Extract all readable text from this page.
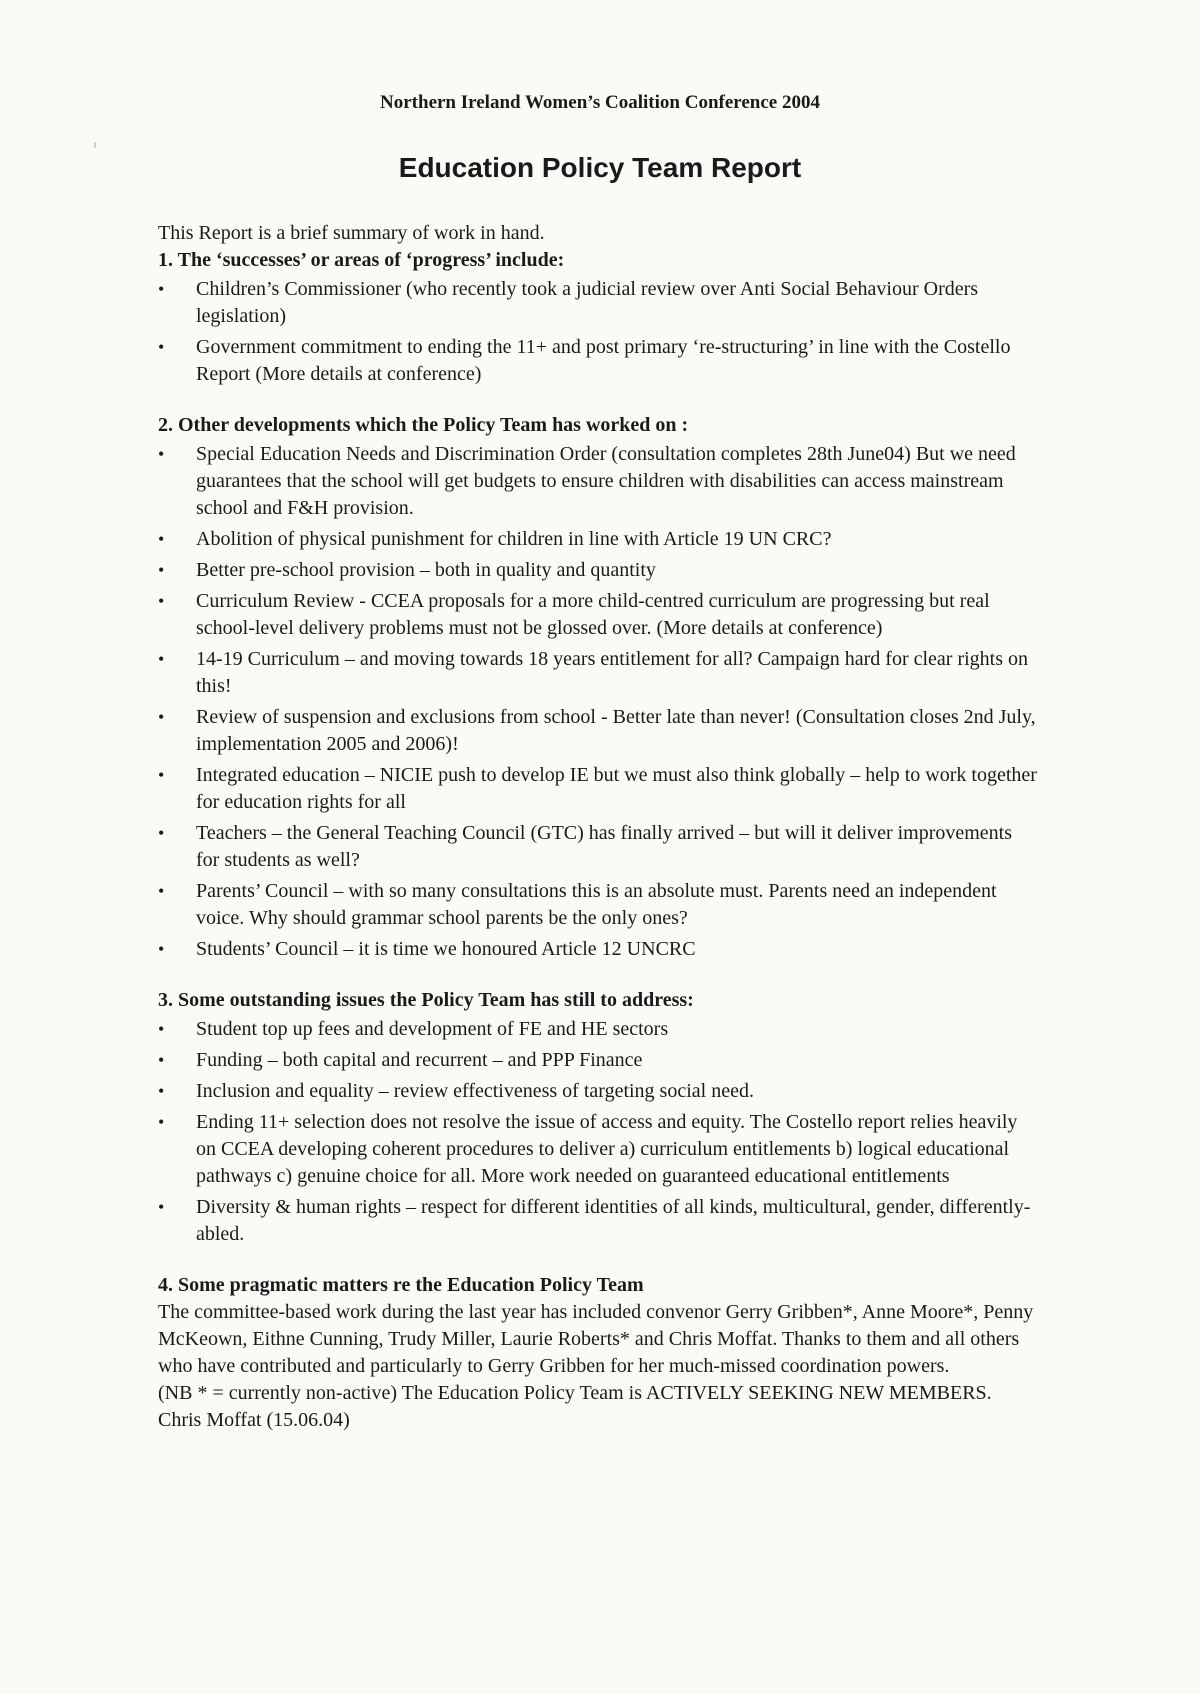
Northern Ireland Women’s Coalition Conference 2004
Education Policy Team Report

This Report is a brief summary of work in hand.

1. The ‘successes’ or areas of ‘progress’ include:

• Children’s Commissioner (who recently took a judicial review over Anti Social Behaviour Orders legislation)
• Government commitment to ending the 11+ and post primary ‘re-structuring’ in line with the Costello Report (More details at conference)

2. Other developments which the Policy Team has worked on :

• Special Education Needs and Discrimination Order (consultation completes 28th June04) But we need guarantees that the school will get budgets to ensure children with disabilities can access mainstream school and F&H provision.
• Abolition of physical punishment for children in line with Article 19 UN CRC?
• Better pre-school provision – both in quality and quantity
• Curriculum Review - CCEA proposals for a more child-centred curriculum are progressing but real school-level delivery problems must not be glossed over. (More details at conference)
• 14-19 Curriculum – and moving towards 18 years entitlement for all? Campaign hard for clear rights on this!
• Review of suspension and exclusions from school - Better late than never! (Consultation closes 2nd July, implementation 2005 and 2006)!
• Integrated education – NICIE push to develop IE but we must also think globally – help to work together for education rights for all
• Teachers – the General Teaching Council (GTC) has finally arrived – but will it deliver improvements for students as well?
• Parents’ Council – with so many consultations this is an absolute must. Parents need an independent voice. Why should grammar school parents be the only ones?
• Students’ Council – it is time we honoured Article 12 UNCRC

3. Some outstanding issues the Policy Team has still to address:

• Student top up fees and development of FE and HE sectors
• Funding – both capital and recurrent – and PPP Finance
• Inclusion and equality – review effectiveness of targeting social need.
• Ending 11+ selection does not resolve the issue of access and equity. The Costello report relies heavily on CCEA developing coherent procedures to deliver a) curriculum entitlements b) logical educational pathways c) genuine choice for all. More work needed on guaranteed educational entitlements
• Diversity & human rights – respect for different identities of all kinds, multicultural, gender, differently-abled.

4. Some pragmatic matters re the Education Policy Team

The committee-based work during the last year has included convenor Gerry Gribben*, Anne Moore*, Penny McKeown, Eithne Cunning, Trudy Miller, Laurie Roberts* and Chris Moffat. Thanks to them and all others who have contributed and particularly to Gerry Gribben for her much-missed coordination powers.

(NB * = currently non-active) The Education Policy Team is ACTIVELY SEEKING NEW MEMBERS.

Chris Moffat (15.06.04)
